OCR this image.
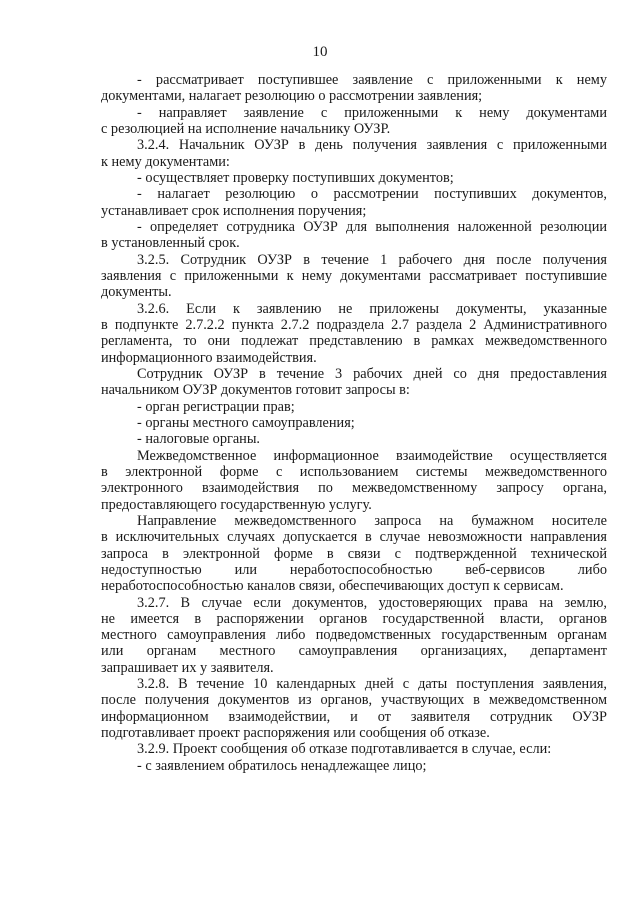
10
- рассматривает поступившее заявление с приложенными к нему
документами, налагает резолюцию о рассмотрении заявления;
- направляет заявление с приложенными к нему документами
с резолюцией на исполнение начальнику ОУЗР.
3.2.4. Начальник ОУЗР в день получения заявления с приложенными
к нему документами:
- осуществляет проверку поступивших документов;
- налагает резолюцию о рассмотрении поступивших документов,
устанавливает срок исполнения поручения;
- определяет сотрудника ОУЗР для выполнения наложенной резолюции
в установленный срок.
3.2.5. Сотрудник ОУЗР в течение 1 рабочего дня после получения
заявления с приложенными к нему документами рассматривает поступившие
документы.
3.2.6. Если к заявлению не приложены документы, указанные
в подпункте 2.7.2.2 пункта 2.7.2 подраздела 2.7 раздела 2 Административного
регламента, то они подлежат представлению в рамках межведомственного
информационного взаимодействия.
Сотрудник ОУЗР в течение 3 рабочих дней со дня предоставления
начальником ОУЗР документов готовит запросы в:
- орган регистрации прав;
- органы местного самоуправления;
- налоговые органы.
Межведомственное информационное взаимодействие осуществляется
в электронной форме с использованием системы межведомственного
электронного взаимодействия по межведомственному запросу органа,
предоставляющего государственную услугу.
Направление межведомственного запроса на бумажном носителе
в исключительных случаях допускается в случае невозможности направления
запроса в электронной форме в связи с подтвержденной технической
недоступностью или неработоспособностью веб-сервисов либо
неработоспособностью каналов связи, обеспечивающих доступ к сервисам.
3.2.7. В случае если документов, удостоверяющих права на землю,
не имеется в распоряжении органов государственной власти, органов
местного самоуправления либо подведомственных государственным органам
или органам местного самоуправления организациях, департамент
запрашивает их у заявителя.
3.2.8. В течение 10 календарных дней с даты поступления заявления,
после получения документов из органов, участвующих в межведомственном
информационном взаимодействии, и от заявителя сотрудник ОУЗР
подготавливает проект распоряжения или сообщения об отказе.
3.2.9. Проект сообщения об отказе подготавливается в случае, если:
- с заявлением обратилось ненадлежащее лицо;
